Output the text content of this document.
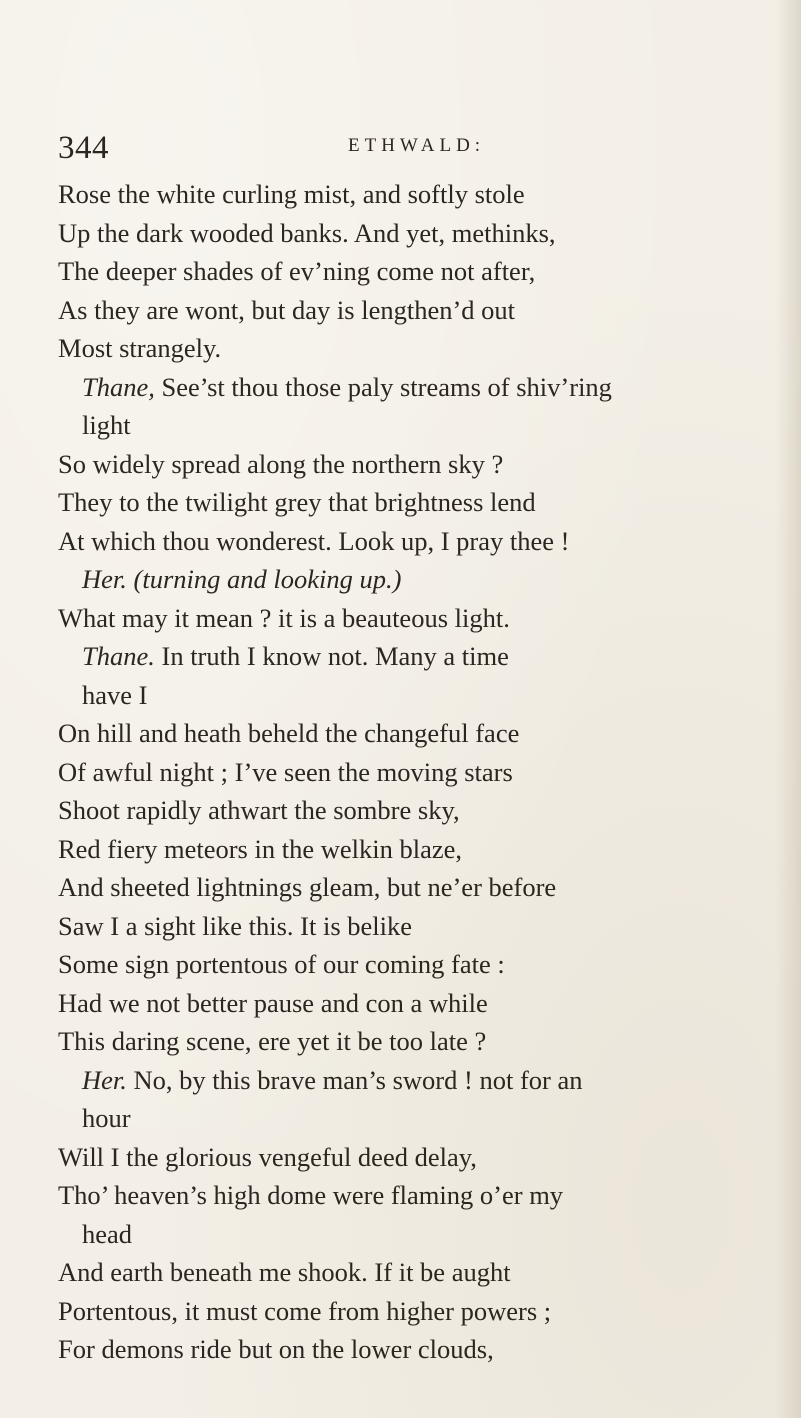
344	ETHWALD:
Rose the white curling mist, and softly stole
Up the dark wooded banks. And yet, methinks,
The deeper shades of ev’ning come not after,
As they are wont, but day is lengthen’d out
Most strangely.
Thane, See’st thou those paly streams of shiv’ring
light
So widely spread along the northern sky ?
They to the twilight grey that brightness lend
At which thou wonderest. Look up, I pray thee !
Her. (turning and looking up.)
What may it mean ? it is a beauteous light.
Thane. In truth I know not. Many a time
have I
On hill and heath beheld the changeful face
Of awful night ; I’ve seen the moving stars
Shoot rapidly athwart the sombre sky,
Red fiery meteors in the welkin blaze,
And sheeted lightnings gleam, but ne’er before
Saw I a sight like this. It is belike
Some sign portentous of our coming fate :
Had we not better pause and con a while
This daring scene, ere yet it be too late ?
Her. No, by this brave man’s sword ! not for an
hour
Will I the glorious vengeful deed delay,
Tho’ heaven’s high dome were flaming o’er my
head
And earth beneath me shook. If it be aught
Portentous, it must come from higher powers ;
For demons ride but on the lower clouds,
